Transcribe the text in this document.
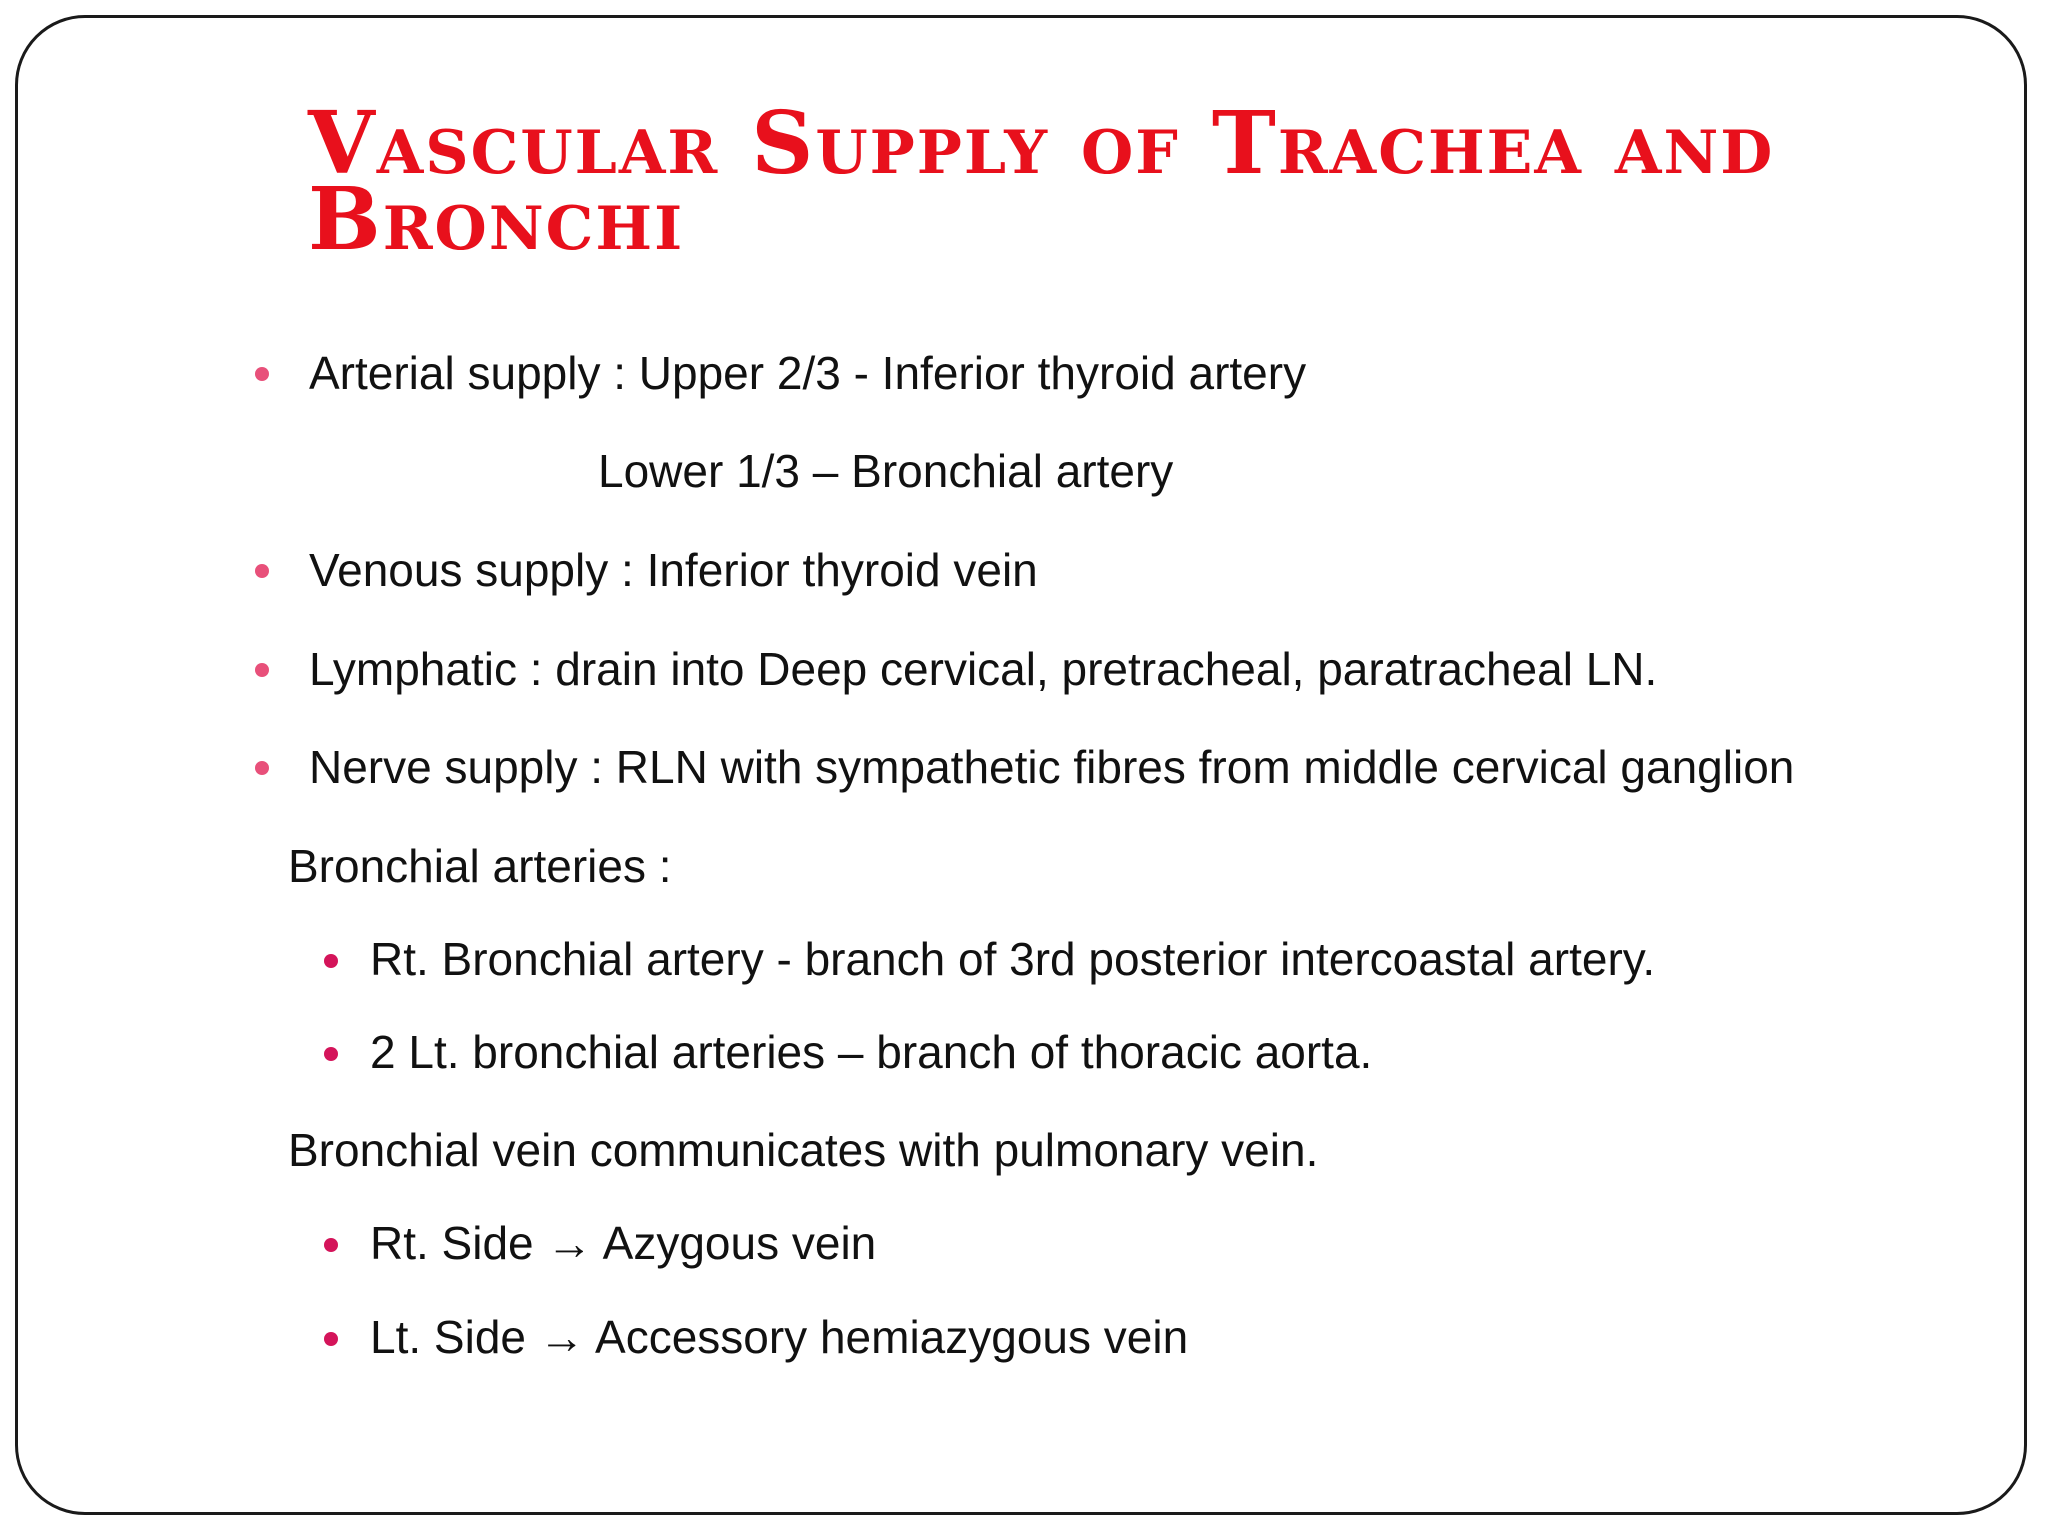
Vascular Supply of Trachea and Bronchi

Arterial supply : Upper 2/3 - Inferior thyroid artery

Lower 1/3 – Bronchial artery

Venous supply : Inferior thyroid vein

Lymphatic : drain into Deep cervical, pretracheal, paratracheal LN.

Nerve supply : RLN with sympathetic fibres from middle cervical ganglion

Bronchial arteries :

Rt. Bronchial artery - branch of 3rd posterior intercoastal artery.

2 Lt. bronchial arteries – branch of thoracic aorta.

Bronchial vein communicates with pulmonary vein.

Rt. Side → Azygous vein

Lt. Side → Accessory hemiazygous vein
